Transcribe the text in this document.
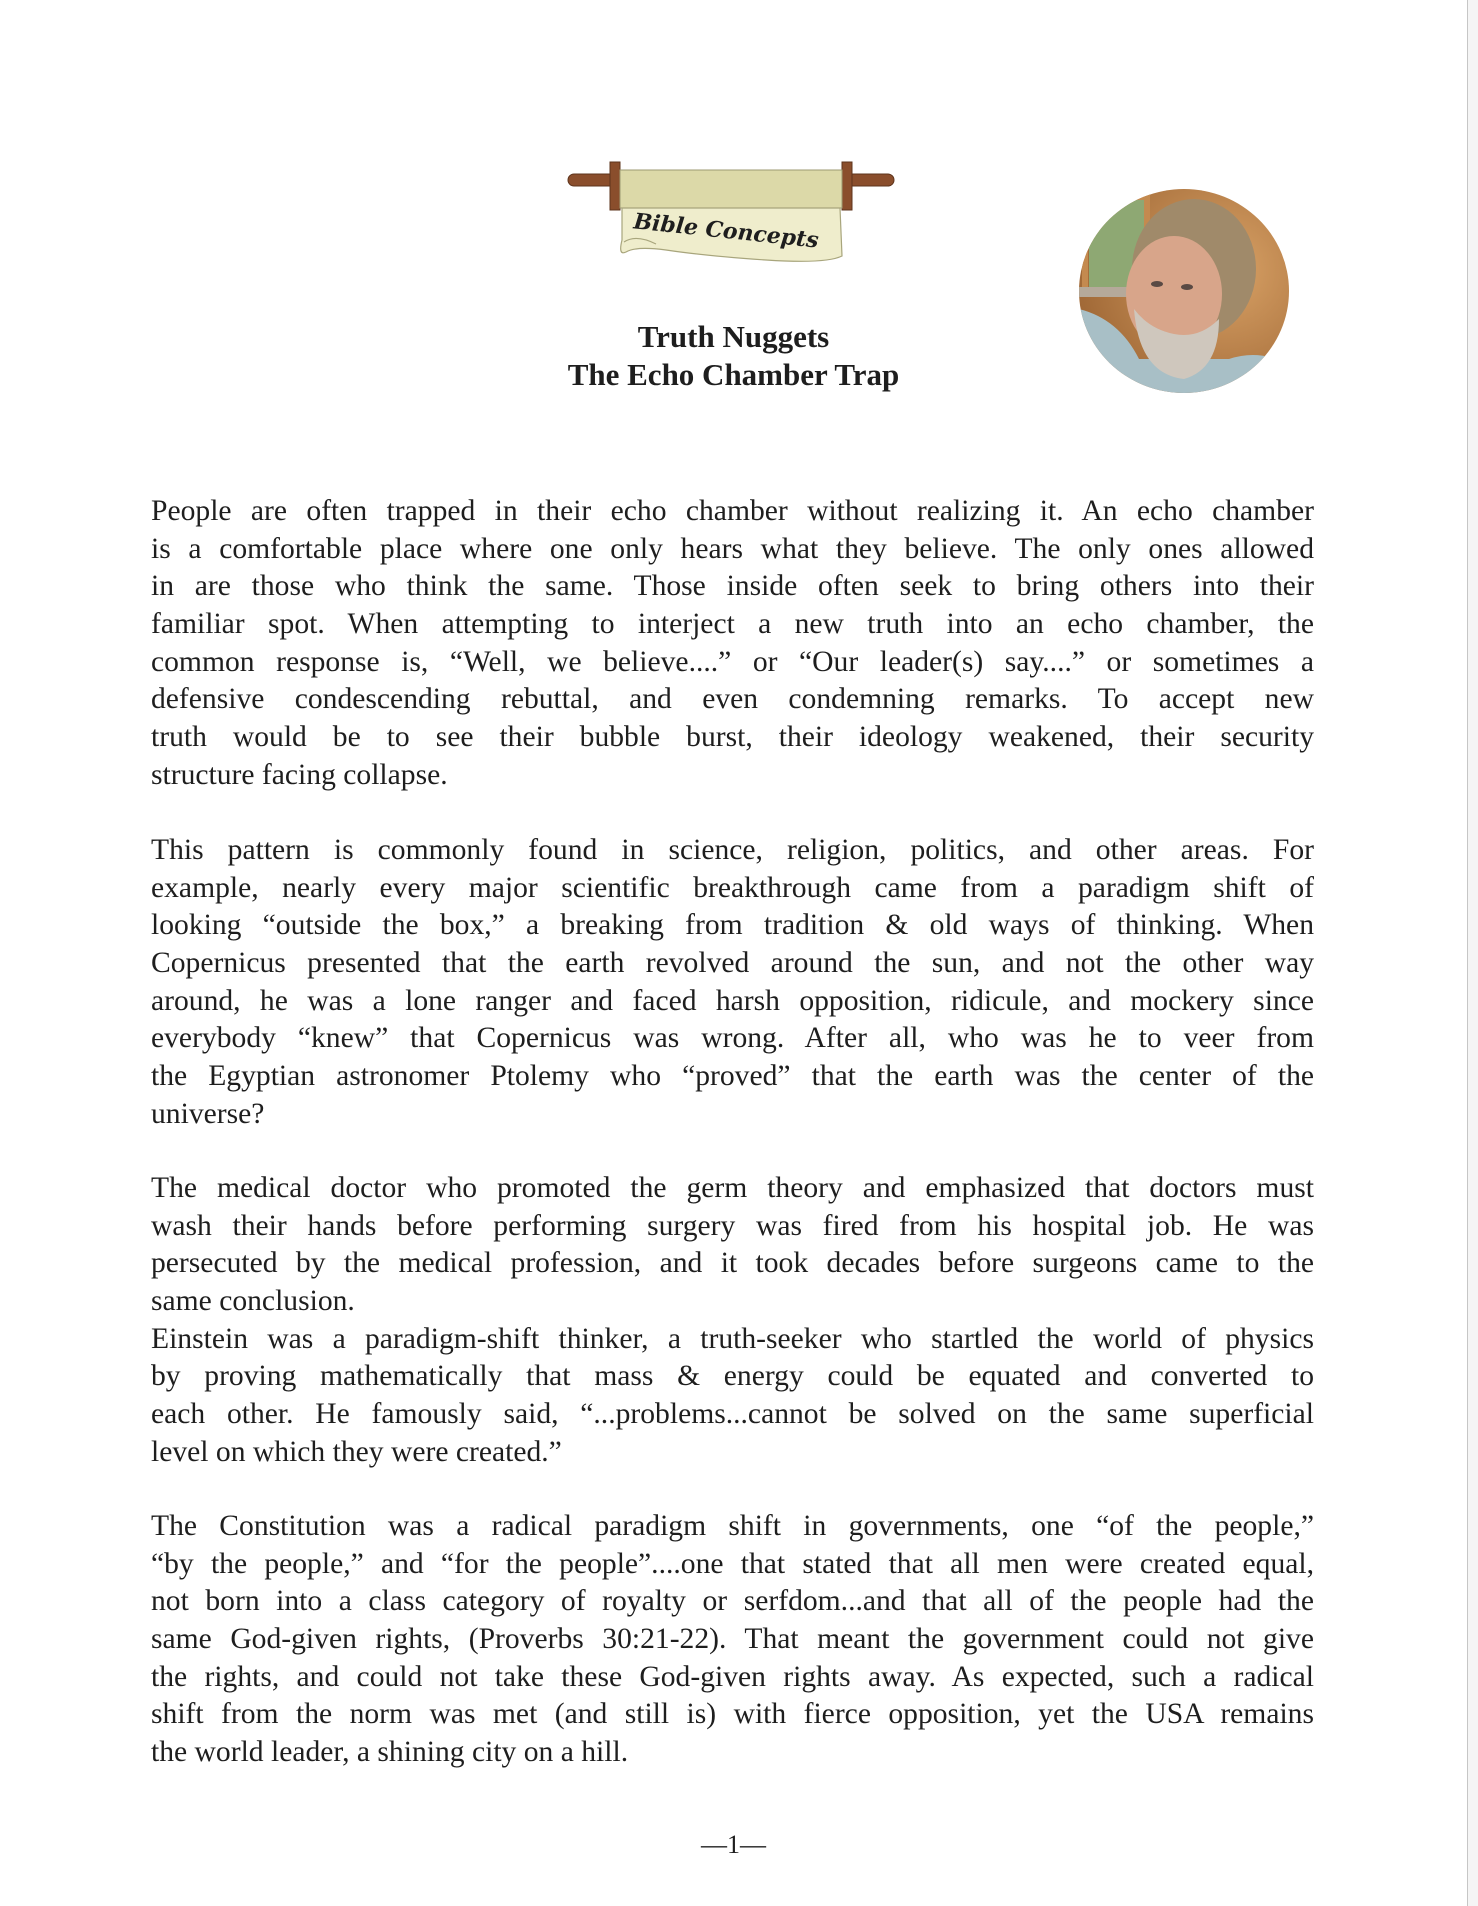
Bible Concepts
Truth Nuggets
The Echo Chamber Trap
People are often trapped in their echo chamber without realizing it. An echo chamber
is a comfortable place where one only hears what they believe. The only ones allowed
in are those who think the same. Those inside often seek to bring others into their
familiar spot. When attempting to interject a new truth into an echo chamber, the
common response is, “Well, we believe....” or “Our leader(s) say....” or sometimes a
defensive condescending rebuttal, and even condemning remarks. To accept new
truth would be to see their bubble burst, their ideology weakened, their security
structure facing collapse.
This pattern is commonly found in science, religion, politics, and other areas. For
example, nearly every major scientific breakthrough came from a paradigm shift of
looking “outside the box,” a breaking from tradition & old ways of thinking. When
Copernicus presented that the earth revolved around the sun, and not the other way
around, he was a lone ranger and faced harsh opposition, ridicule, and mockery since
everybody “knew” that Copernicus was wrong. After all, who was he to veer from
the Egyptian astronomer Ptolemy who “proved” that the earth was the center of the
universe?
The medical doctor who promoted the germ theory and emphasized that doctors must
wash their hands before performing surgery was fired from his hospital job. He was
persecuted by the medical profession, and it took decades before surgeons came to the
same conclusion.
Einstein was a paradigm-shift thinker, a truth-seeker who startled the world of physics
by proving mathematically that mass & energy could be equated and converted to
each other. He famously said, “...problems...cannot be solved on the same superficial
level on which they were created.”
The Constitution was a radical paradigm shift in governments, one “of the people,”
“by the people,” and “for the people”....one that stated that all men were created equal,
not born into a class category of royalty or serfdom...and that all of the people had the
same God-given rights, (Proverbs 30:21-22). That meant the government could not give
the rights, and could not take these God-given rights away. As expected, such a radical
shift from the norm was met (and still is) with fierce opposition, yet the USA remains
the world leader, a shining city on a hill.
—1—
